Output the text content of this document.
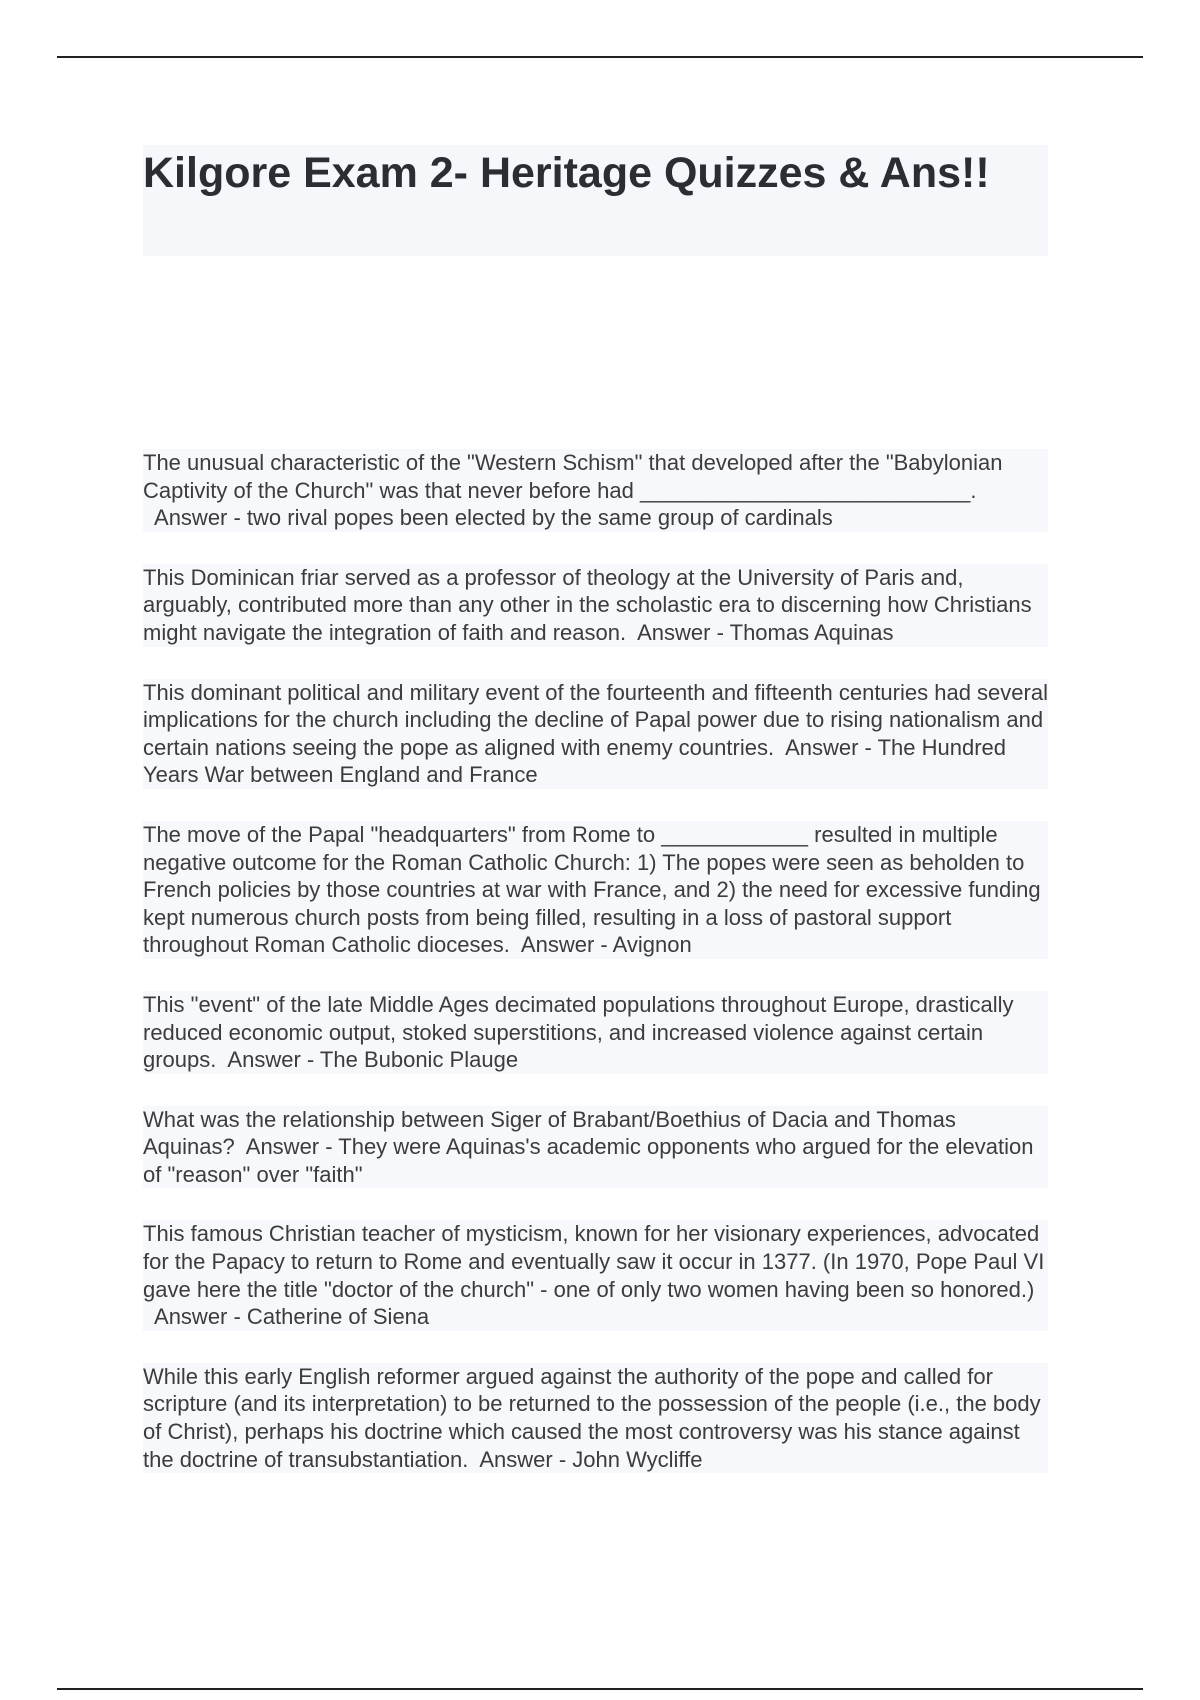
Kilgore Exam 2- Heritage Quizzes & Ans!!

The unusual characteristic of the "Western Schism" that developed after the "Babylonian Captivity of the Church" was that never before had ___________________________.  Answer - two rival popes been elected by the same group of cardinals

This Dominican friar served as a professor of theology at the University of Paris and, arguably, contributed more than any other in the scholastic era to discerning how Christians might navigate the integration of faith and reason. Answer - Thomas Aquinas

This dominant political and military event of the fourteenth and fifteenth centuries had several implications for the church including the decline of Papal power due to rising nationalism and certain nations seeing the pope as aligned with enemy countries. Answer - The Hundred Years War between England and France

The move of the Papal "headquarters" from Rome to ____________ resulted in multiple negative outcome for the Roman Catholic Church: 1) The popes were seen as beholden to French policies by those countries at war with France, and 2) the need for excessive funding kept numerous church posts from being filled, resulting in a loss of pastoral support throughout Roman Catholic dioceses. Answer - Avignon

This "event" of the late Middle Ages decimated populations throughout Europe, drastically reduced economic output, stoked superstitions, and increased violence against certain groups. Answer - The Bubonic Plauge

What was the relationship between Siger of Brabant/Boethius of Dacia and Thomas Aquinas? Answer - They were Aquinas's academic opponents who argued for the elevation of "reason" over "faith"

This famous Christian teacher of mysticism, known for her visionary experiences, advocated for the Papacy to return to Rome and eventually saw it occur in 1377. (In 1970, Pope Paul VI gave here the title "doctor of the church" - one of only two women having been so honored.)  Answer - Catherine of Siena

While this early English reformer argued against the authority of the pope and called for scripture (and its interpretation) to be returned to the possession of the people (i.e., the body of Christ), perhaps his doctrine which caused the most controversy was his stance against the doctrine of transubstantiation. Answer - John Wycliffe
